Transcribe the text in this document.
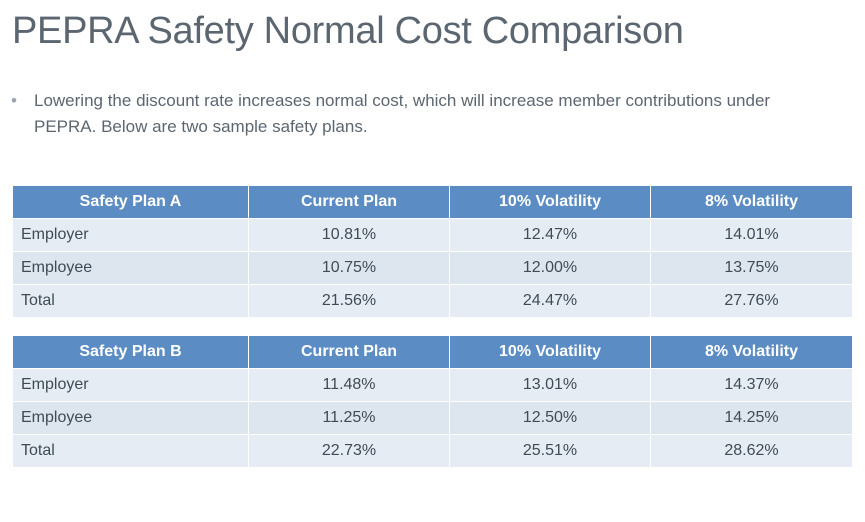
PEPRA Safety Normal Cost Comparison
•	Lowering the discount rate increases normal cost, which will increase member contributions under PEPRA. Below are two sample safety plans.
Safety Plan A	Current Plan	10% Volatility	8% Volatility
Employer	10.81%	12.47%	14.01%
Employee	10.75%	12.00%	13.75%
Total	21.56%	24.47%	27.76%
Safety Plan B	Current Plan	10% Volatility	8% Volatility
Employer	11.48%	13.01%	14.37%
Employee	11.25%	12.50%	14.25%
Total	22.73%	25.51%	28.62%
